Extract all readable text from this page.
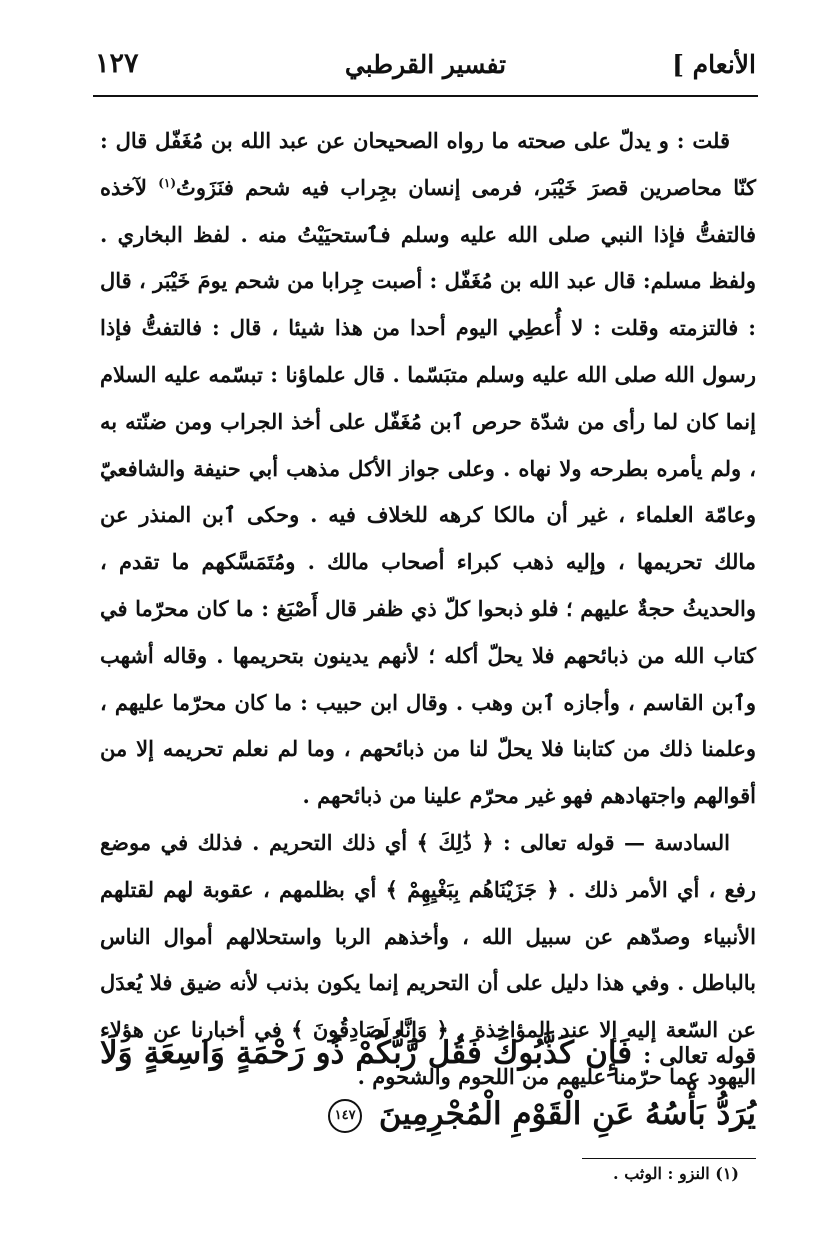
الأنعام ]
تفسير القرطبي
١٢٧

قلت : و يدلّ على صحته ما رواه الصحيحان عن عبد الله بن مُغَفّل قال : كنّا محاصرين قصرَ خَيْبَر، فرمى إنسان بجِراب فيه شحم فنَزَوتُ$^{(١)}$ لآخذه فالتفتُّ فإذا النبي صلى الله عليه وسلم فٱستحيَيْتُ منه . لفظ البخاري . ولفظ مسلم: قال عبد الله بن مُغَفّل : أصبت جِرابا من شحم يومَ خَيْبَر ، قال : فالتزمته وقلت : لا أُعطِي اليوم أحدا من هذا شيئا ، قال : فالتفتُّ فإذا رسول الله صلى الله عليه وسلم متبَسّما . قال علماؤنا : تبسّمه عليه السلام إنما كان لما رأى من شدّة حرص ٱبن مُغَفّل على أخذ الجراب ومن ضنّته به ، ولم يأمره بطرحه ولا نهاه . وعلى جواز الأكل مذهب أبي حنيفة والشافعيّ وعامّة العلماء ، غير أن مالكا كرهه للخلاف فيه . وحكى ٱبن المنذر عن مالك تحريمها ، وإليه ذهب كبراء أصحاب مالك . ومُتَمَسَّكهم ما تقدم ، والحديثُ حجةٌ عليهم ؛ فلو ذبحوا كلّ ذي ظفر قال أَصْبَغ : ما كان محرّما في كتاب الله من ذبائحهم فلا يحلّ أكله ؛ لأنهم يدينون بتحريمها . وقاله أشهب وٱبن القاسم ، وأجازه ٱبن وهب . وقال ابن حبيب : ما كان محرّما عليهم ، وعلمنا ذلك من كتابنا فلا يحلّ لنا من ذبائحهم ، وما لم نعلم تحريمه إلا من أقوالهم واجتهادهم فهو غير محرّم علينا من ذبائحهم .

السادسة — قوله تعالى : ﴿ ذَٰلِكَ ﴾ أي ذلك التحريم . فذلك في موضع رفع ، أي الأمر ذلك . ﴿ جَزَيْنَاهُم بِبَغْيِهِمْ ﴾ أي بظلمهم ، عقوبة لهم لقتلهم الأنبياء وصدّهم عن سبيل الله ، وأخذهم الربا واستحلالهم أموال الناس بالباطل . وفي هذا دليل على أن التحريم إنما يكون بذنب لأنه ضيق فلا يُعدَل عن السّعة إليه إلا عند المؤاخذة . ﴿ وَإِنَّا لَصَادِقُونَ ﴾ في أخبارنا عن هؤلاء اليهود عما حرّمنا عليهم من اللحوم والشحوم .

قوله تعالى : فَإِن كَذَّبُوكَ فَقُل رَّبُّكُمْ ذُو رَحْمَةٍ وَاسِعَةٍ وَلَا يُرَدُّ بَأْسُهُ عَنِ الْقَوْمِ الْمُجْرِمِينَ ١٤٧
(١) النزو : الوثب .
